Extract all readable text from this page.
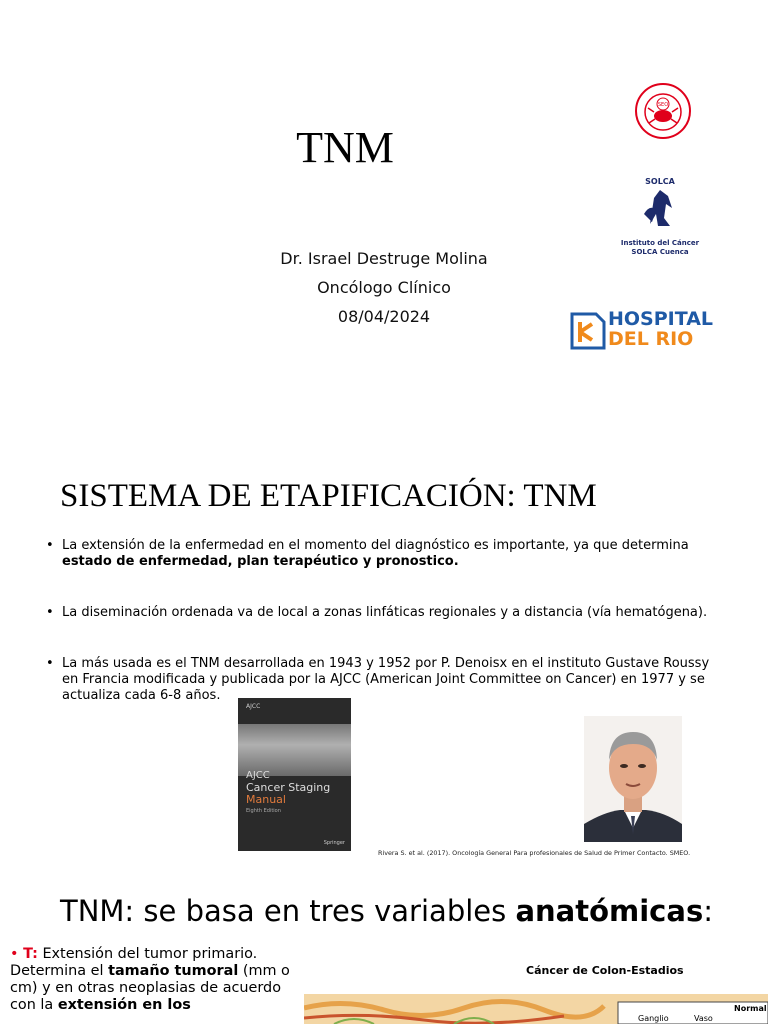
TNM
Dr. Israel Destruge Molina
Oncólogo Clínico
08/04/2024
SEO
SOLCA
Instituto del Cáncer
SOLCA Cuenca
HOSPITAL
DEL RIO
SISTEMA DE ETAPIFICACIÓN: TNM
• La extensión de la enfermedad en el momento del diagnóstico es importante, ya que determina estado de enfermedad, plan terapéutico y pronostico.
• La diseminación ordenada va de local a zonas linfáticas regionales y a distancia (vía hematógena).
• La más usada es el TNM desarrollada en 1943 y 1952 por P. Denoisx en el instituto Gustave Roussy en Francia modificada y publicada por la AJCC (American Joint Committee on Cancer) en 1977 y se actualiza cada 6-8 años.
AJCC
AJCC
Cancer Staging
Manual
Eighth Edition
Springer
Rivera S. et al. (2017). Oncología General Para profesionales de Salud de Primer Contacto. SMEO.
TNM: se basa en tres variables anatómicas:
• T: Extensión del tumor primario. Determina el tamaño tumoral (mm o cm) y en otras neoplasias de acuerdo con la extensión en los
Cáncer de Colon-Estadios
Normal
Ganglio	Vaso
